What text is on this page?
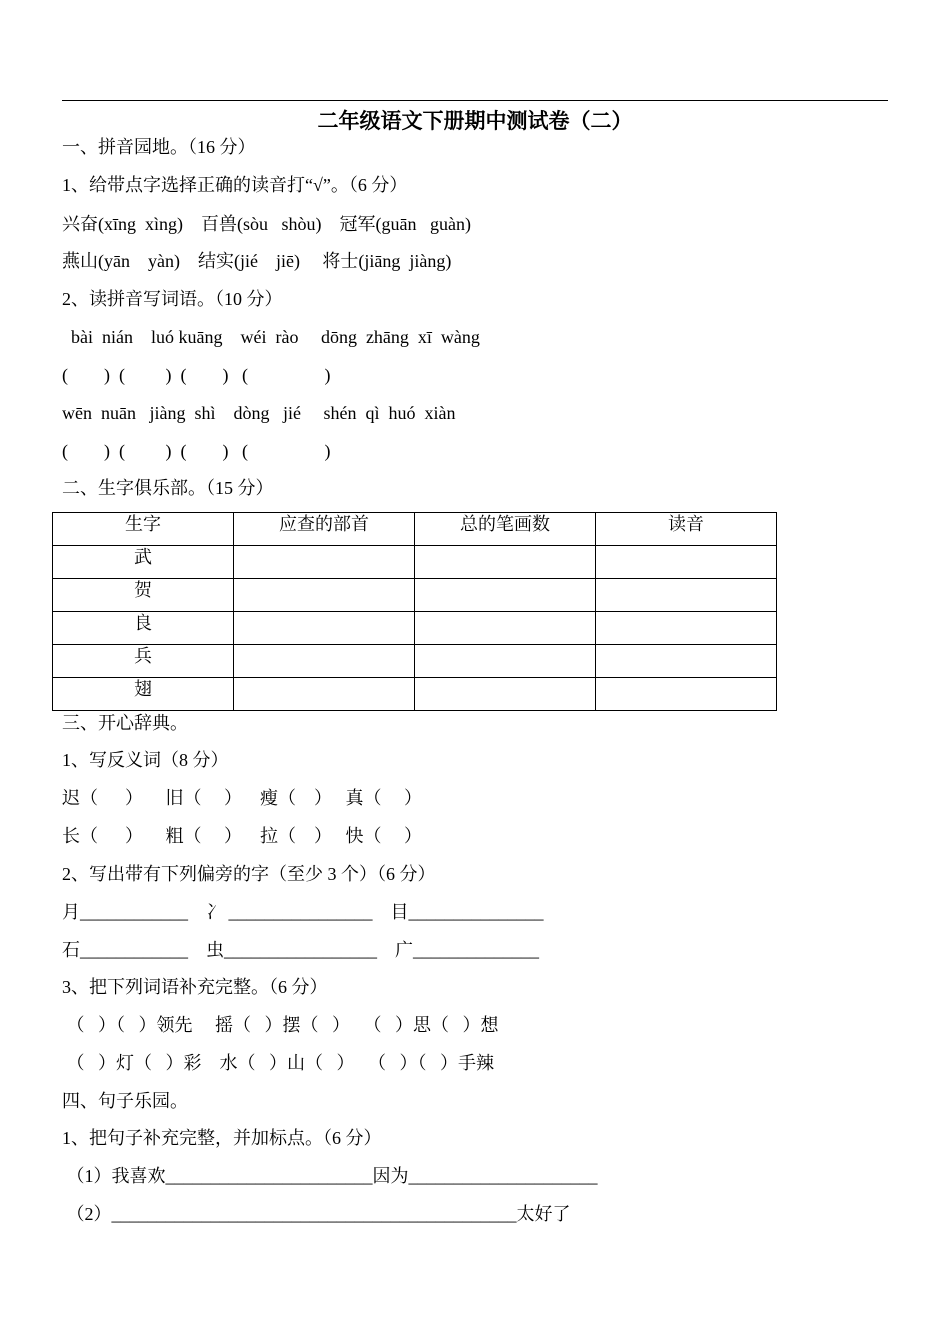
二年级语文下册期中测试卷（二）
一、拼音园地。（16 分）
1、给带点字选择正确的读音打“√”。（6 分）
兴奋(xīng  xìng)    百兽(sòu   shòu)    冠军(guān   guàn)
燕山(yān    yàn)    结实(jié    jiē)     将士(jiāng  jiàng)
2、读拼音写词语。（10 分）
bài  nián    luó kuāng    wéi  rào     dōng  zhāng  xī  wàng
(        )  (         )  (        )   (                 )
wēn  nuān   jiàng  shì    dòng   jié     shén  qì  huó  xiàn
(        )  (         )  (        )   (                 )
二、生字俱乐部。（15 分）
生字	应查的部首	总的笔画数	读音
武			
贺			
良			
兵			
翅			
三、开心辞典。
1、写反义词（8 分）
迟（      ）     旧（     ）    瘦（    ）   真（     ）
长（      ）     粗（     ）    拉（    ）   快（     ）
2、写出带有下列偏旁的字（至少 3 个）（6 分）
月____________    冫 ________________    目_______________
石____________    虫_________________    广______________
3、把下列词语补充完整。（6 分）
（   ）（   ）领先     摇（   ）摆（   ）   （   ）思（   ）想
（   ）灯（   ）彩    水（   ）山（   ）   （   ）（   ）手辣
四、句子乐园。
1、把句子补充完整，并加标点。（6 分）
（1）我喜欢_______________________因为_____________________
（2）_____________________________________________太好了
